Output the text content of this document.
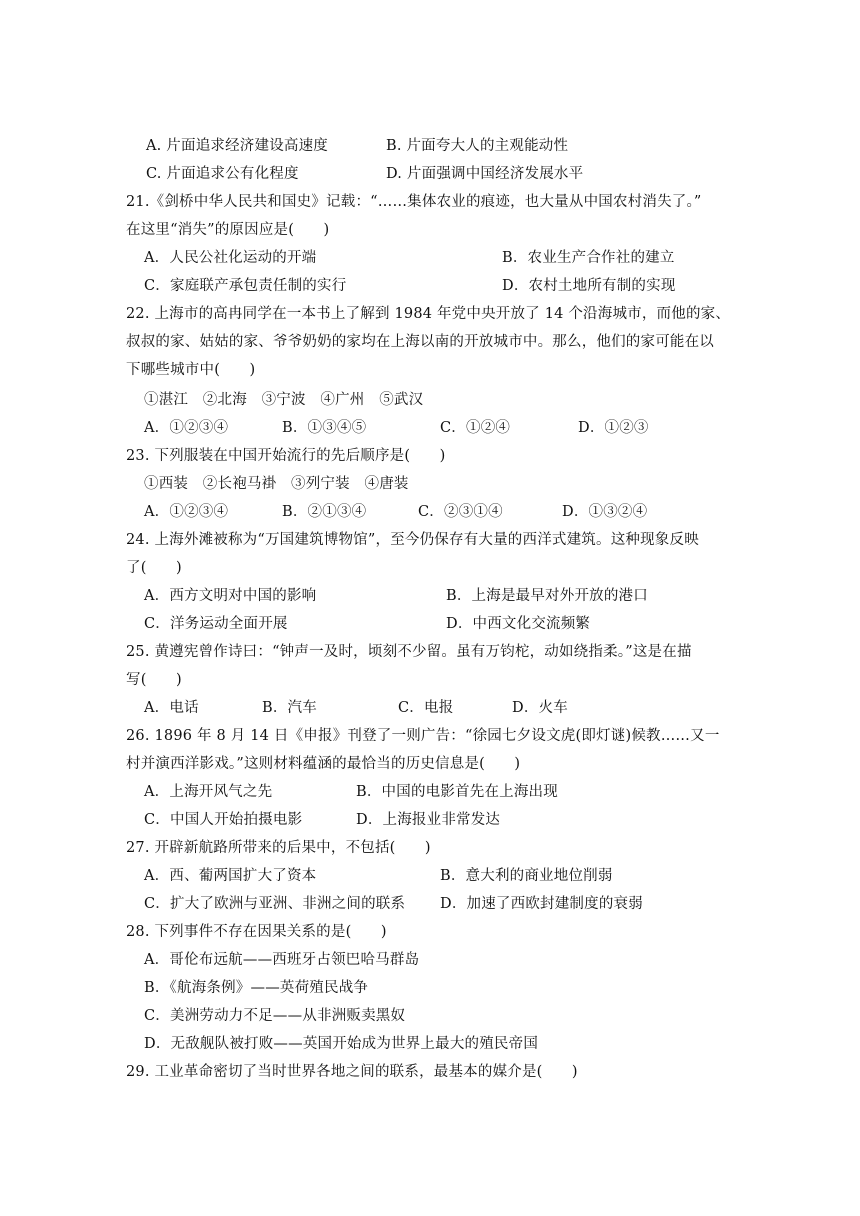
A. 片面追求经济建设高速度	B. 片面夸大人的主观能动性
C. 片面追求公有化程度	D. 片面强调中国经济发展水平
21.《剑桥中华人民共和国史》记载：“……集体农业的痕迹，也大量从中国农村消失了。”
在这里“消失”的原因应是(　　)
A．人民公社化运动的开端	B．农业生产合作社的建立
C．家庭联产承包责任制的实行	D．农村土地所有制的实现
22. 上海市的高冉同学在一本书上了解到 1984 年党中央开放了 14 个沿海城市，而他的家、
叔叔的家、姑姑的家、爷爷奶奶的家均在上海以南的开放城市中。那么，他们的家可能在以
下哪些城市中(　　)
①湛江　②北海　③宁波　④广州　⑤武汉
A．①②③④	B．①③④⑤	C．①②④	D．①②③
23. 下列服装在中国开始流行的先后顺序是(　　)
①西装　②长袍马褂　③列宁装　④唐装
A．①②③④	B．②①③④	C．②③①④	D．①③②④
24. 上海外滩被称为“万国建筑博物馆”，至今仍保存有大量的西洋式建筑。这种现象反映
了(　　)
A．西方文明对中国的影响	B．上海是最早对外开放的港口
C．洋务运动全面开展	D．中西文化交流频繁
25. 黄遵宪曾作诗曰：“钟声一及时，顷刻不少留。虽有万钧柁，动如绕指柔。”这是在描
写(　　)
A．电话	B．汽车	C．电报	D．火车
26. 1896 年 8 月 14 日《申报》刊登了一则广告：“徐园七夕设文虎(即灯谜)候教……又一
村并演西洋影戏。”这则材料蕴涵的最恰当的历史信息是(　　)
A．上海开风气之先	B．中国的电影首先在上海出现
C．中国人开始拍摄电影	D．上海报业非常发达
27. 开辟新航路所带来的后果中，不包括(　　)
A．西、葡两国扩大了资本	B．意大利的商业地位削弱
C．扩大了欧洲与亚洲、非洲之间的联系 D．加速了西欧封建制度的衰弱
28. 下列事件不存在因果关系的是(　　)
A．哥伦布远航——西班牙占领巴哈马群岛
B．《航海条例》——英荷殖民战争
C．美洲劳动力不足——从非洲贩卖黑奴
D．无敌舰队被打败——英国开始成为世界上最大的殖民帝国
29. 工业革命密切了当时世界各地之间的联系，最基本的媒介是(　　)
